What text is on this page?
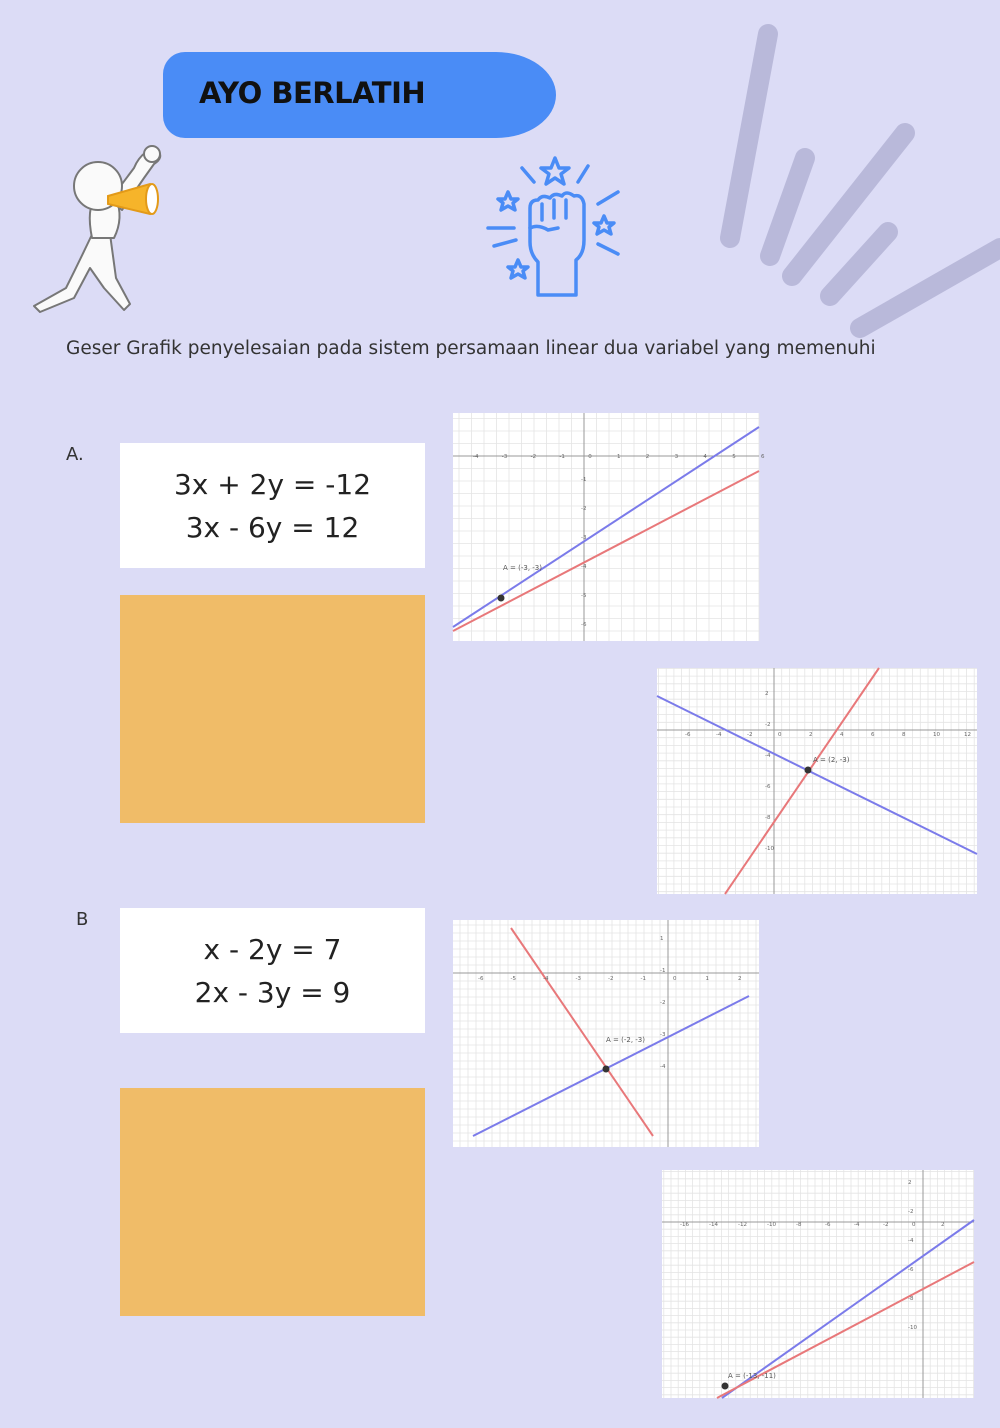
AYO BERLATIH
Geser Grafik penyelesaian pada sistem persamaan linear dua variabel yang memenuhi
A.
3x + 2y = -12
3x - 6y = 12
B
x - 2y = 7
2x - 3y = 9
A = (-3, -3)
-4	-3	-2	-1	0	1	2	3	4	5	6
-1
-2
-3
-4
-5
-6
A = (2, -3)
-6	-4	-2	0	2	4	6	8	10	12
2
-2
-4
-6
-8
-10
A = (-2, -3)
-6	-5	-4	-3	-2	-1	0	1	2
1
-1
-2
-3
-4
A = (-13, -11)
-16	-14	-12	-10	-8	-6	-4	-2	0	2
2
-2
-4
-6
-8
-10
